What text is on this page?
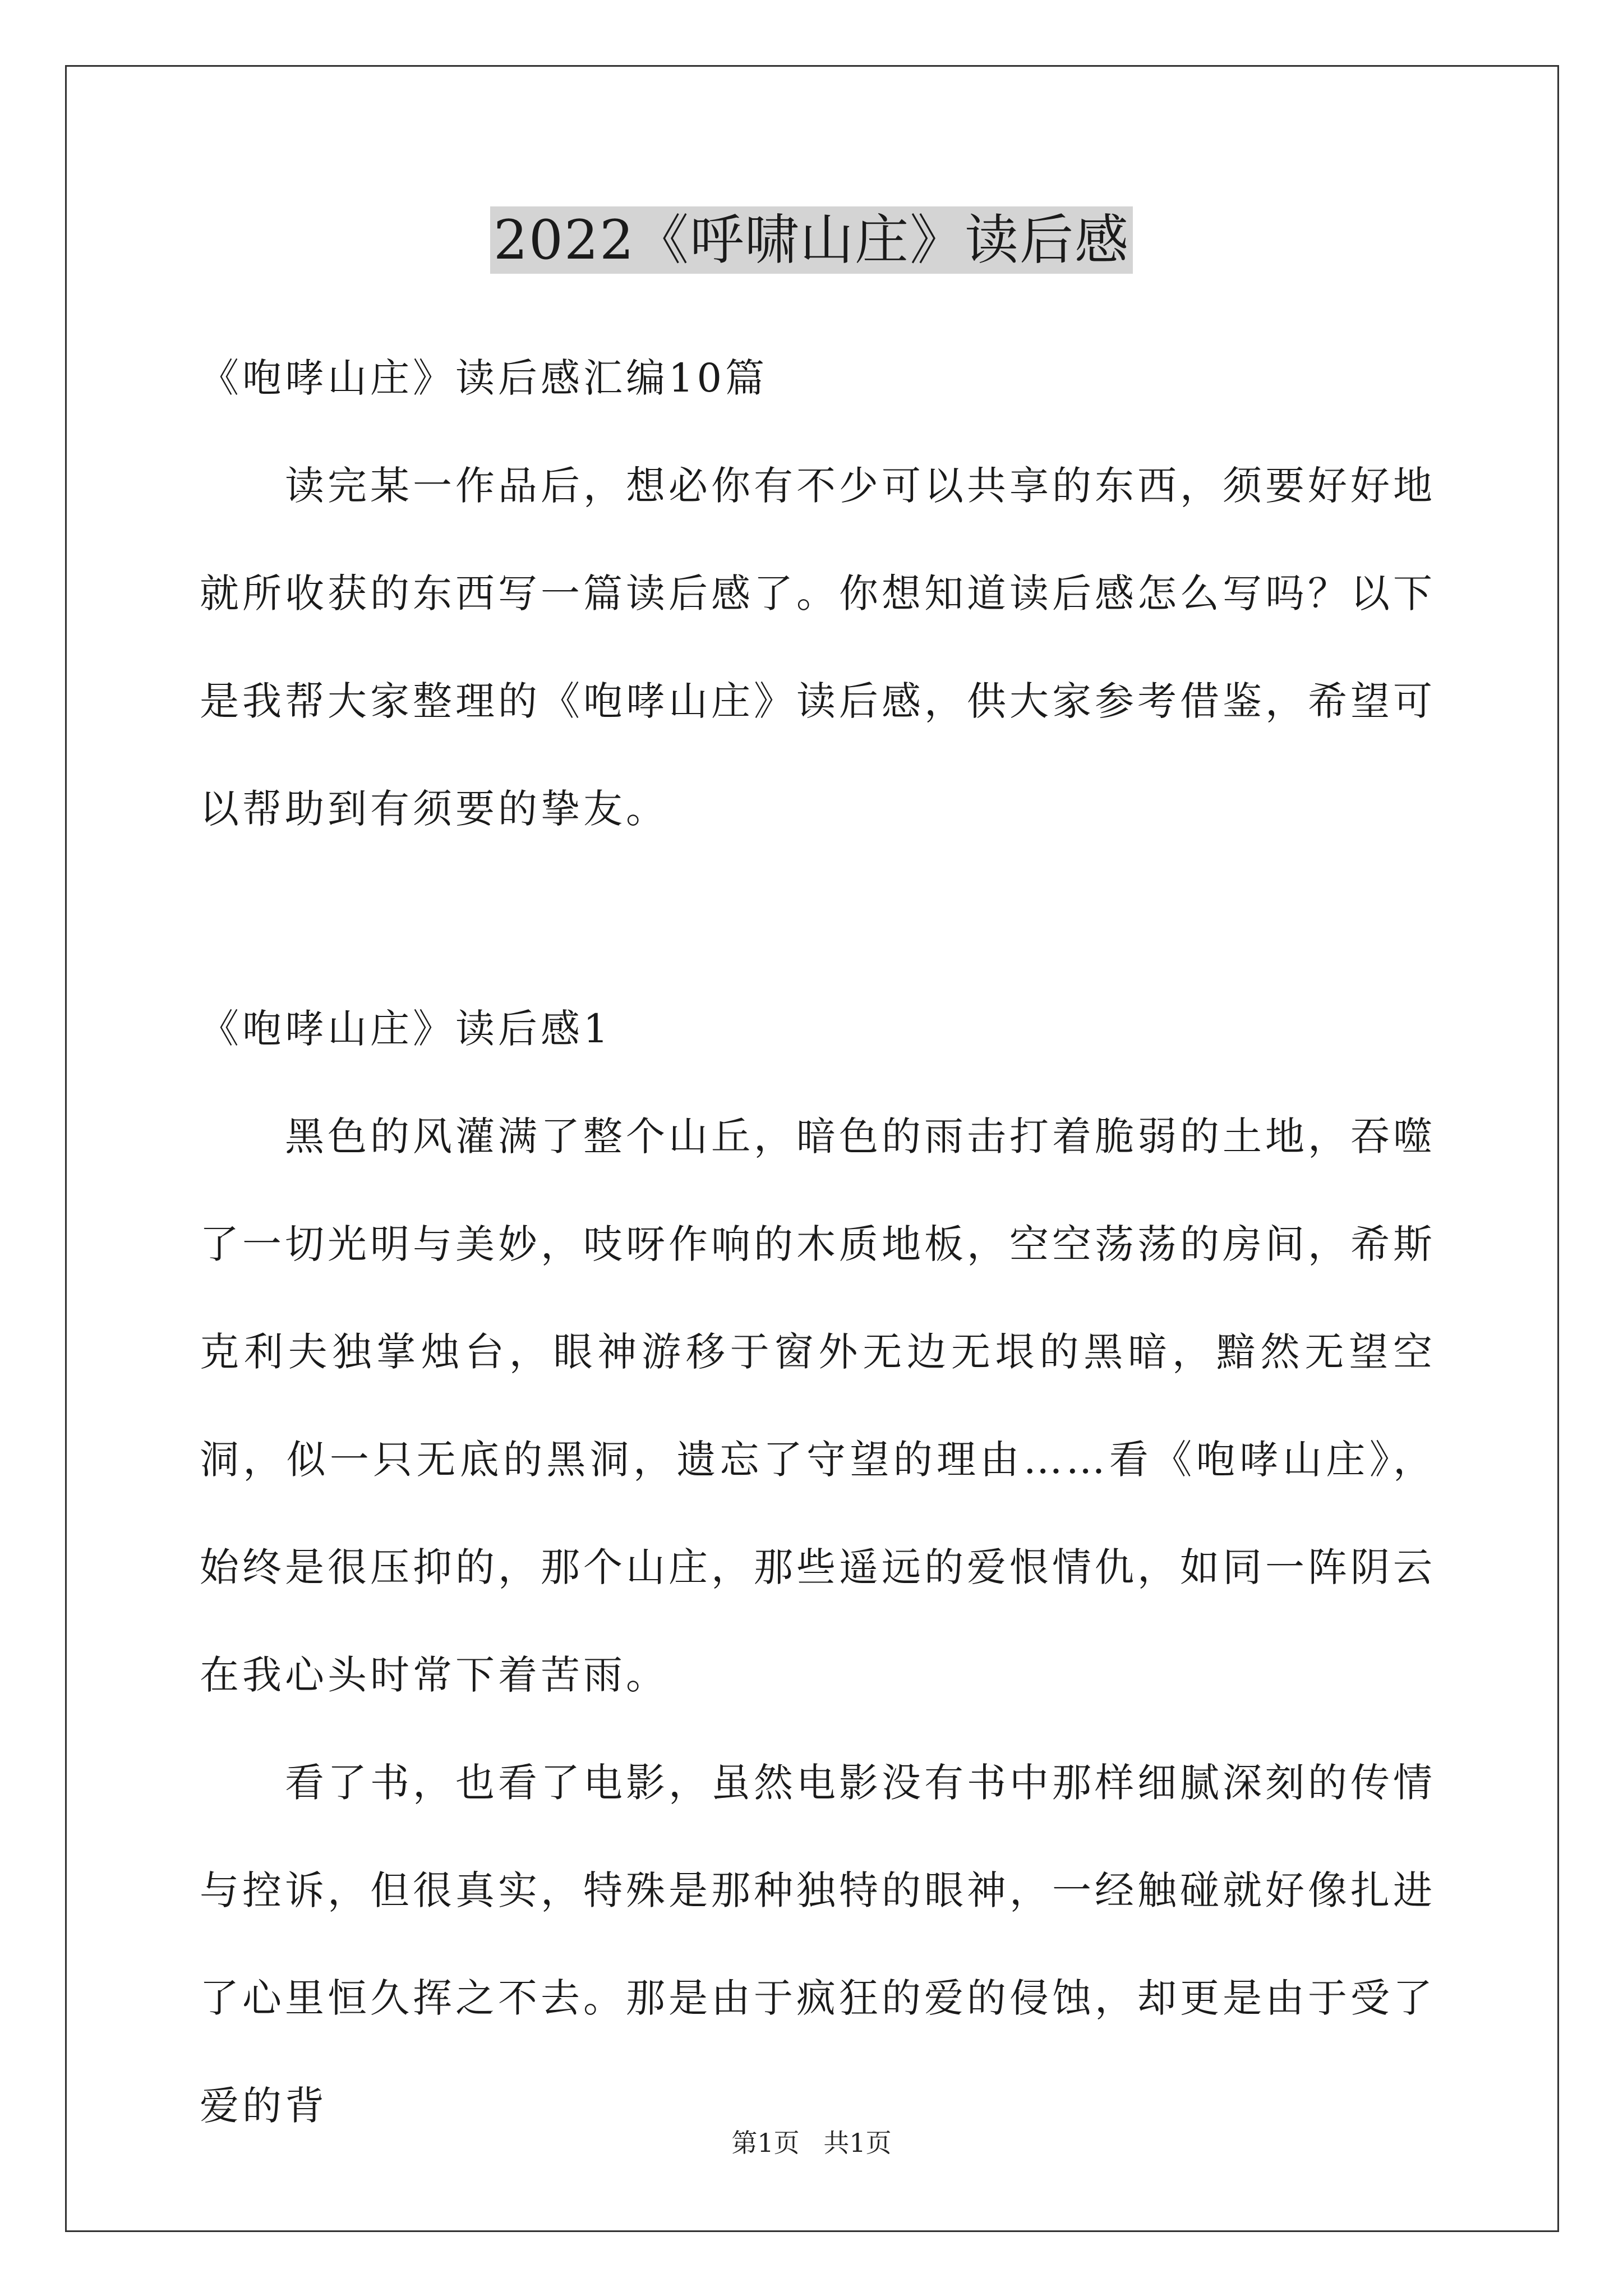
2022《呼啸山庄》读后感

《咆哮山庄》读后感汇编10篇

读完某一作品后，想必你有不少可以共享的东西，须要好好地就所收获的东西写一篇读后感了。你想知道读后感怎么写吗？以下是我帮大家整理的《咆哮山庄》读后感，供大家参考借鉴，希望可以帮助到有须要的挚友。

《咆哮山庄》读后感1

黑色的风灌满了整个山丘，暗色的雨击打着脆弱的土地，吞噬了一切光明与美妙，吱呀作响的木质地板，空空荡荡的房间，希斯克利夫独掌烛台，眼神游移于窗外无边无垠的黑暗，黯然无望空洞，似一只无底的黑洞，遗忘了守望的理由……看《咆哮山庄》，始终是很压抑的，那个山庄，那些遥远的爱恨情仇，如同一阵阴云在我心头时常下着苦雨。

看了书，也看了电影，虽然电影没有书中那样细腻深刻的传情与控诉，但很真实，特殊是那种独特的眼神，一经触碰就好像扎进了心里恒久挥之不去。那是由于疯狂的爱的侵蚀，却更是由于受了爱的背

第1页 共1页
